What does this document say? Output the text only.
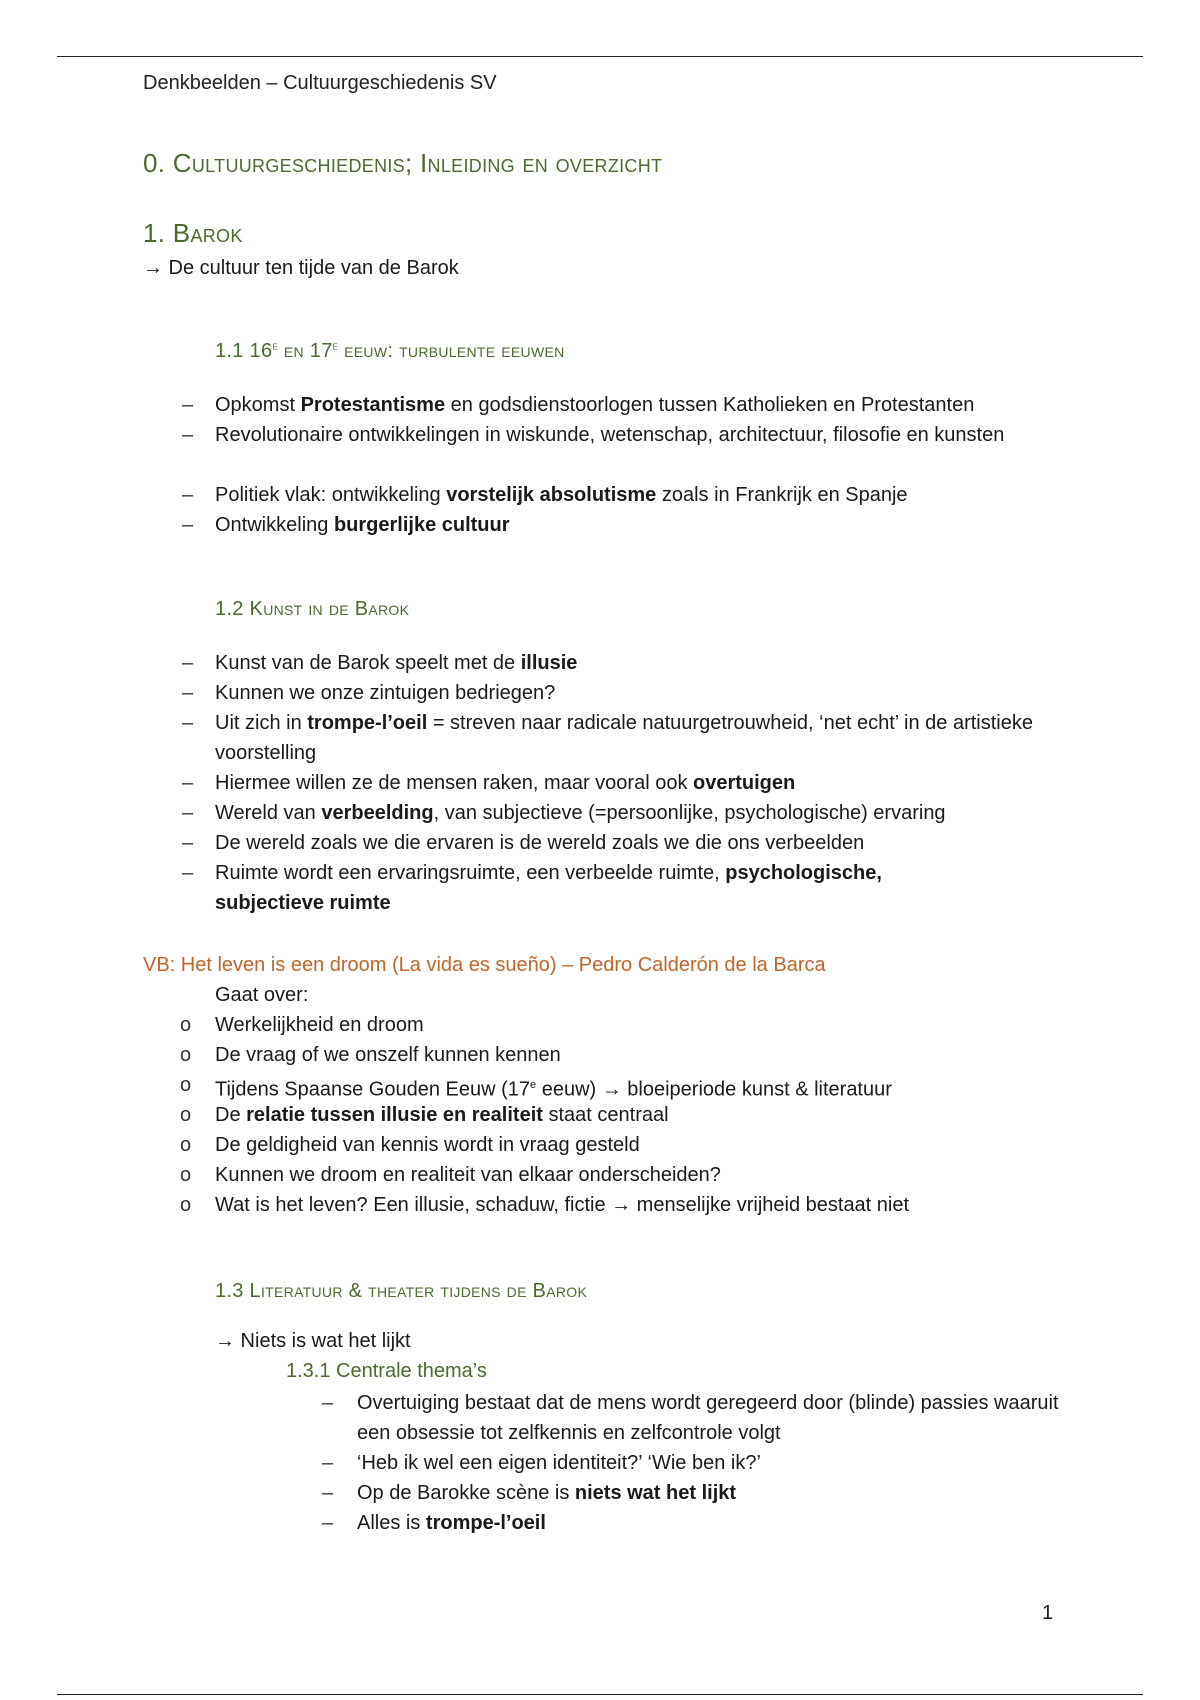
Denkbeelden – Cultuurgeschiedenis SV
0. Cultuurgeschiedenis; Inleiding en overzicht
1. Barok
→ De cultuur ten tijde van de Barok
1.1 16e en 17e eeuw: turbulente eeuwen
– Opkomst Protestantisme en godsdienstoorlogen tussen Katholieken en Protestanten
– Revolutionaire ontwikkelingen in wiskunde, wetenschap, architectuur, filosofie en kunsten
– Politiek vlak: ontwikkeling vorstelijk absolutisme zoals in Frankrijk en Spanje
– Ontwikkeling burgerlijke cultuur
1.2 Kunst in de Barok
– Kunst van de Barok speelt met de illusie
– Kunnen we onze zintuigen bedriegen?
– Uit zich in trompe-l’oeil = streven naar radicale natuurgetrouwheid, ‘net echt’ in de artistieke voorstelling
– Hiermee willen ze de mensen raken, maar vooral ook overtuigen
– Wereld van verbeelding, van subjectieve (=persoonlijke, psychologische) ervaring
– De wereld zoals we die ervaren is de wereld zoals we die ons verbeelden
– Ruimte wordt een ervaringsruimte, een verbeelde ruimte, psychologische, subjectieve ruimte
VB: Het leven is een droom (La vida es sueño) – Pedro Calderón de la Barca
Gaat over:
o Werkelijkheid en droom
o De vraag of we onszelf kunnen kennen
o Tijdens Spaanse Gouden Eeuw (17e eeuw) → bloeiperiode kunst & literatuur
o De relatie tussen illusie en realiteit staat centraal
o De geldigheid van kennis wordt in vraag gesteld
o Kunnen we droom en realiteit van elkaar onderscheiden?
o Wat is het leven? Een illusie, schaduw, fictie → menselijke vrijheid bestaat niet
1.3 Literatuur & theater tijdens de Barok
→ Niets is wat het lijkt
1.3.1 Centrale thema’s
– Overtuiging bestaat dat de mens wordt geregeerd door (blinde) passies waaruit een obsessie tot zelfkennis en zelfcontrole volgt
– ‘Heb ik wel een eigen identiteit?’ ‘Wie ben ik?’
– Op de Barokke scène is niets wat het lijkt
– Alles is trompe-l’oeil
1
